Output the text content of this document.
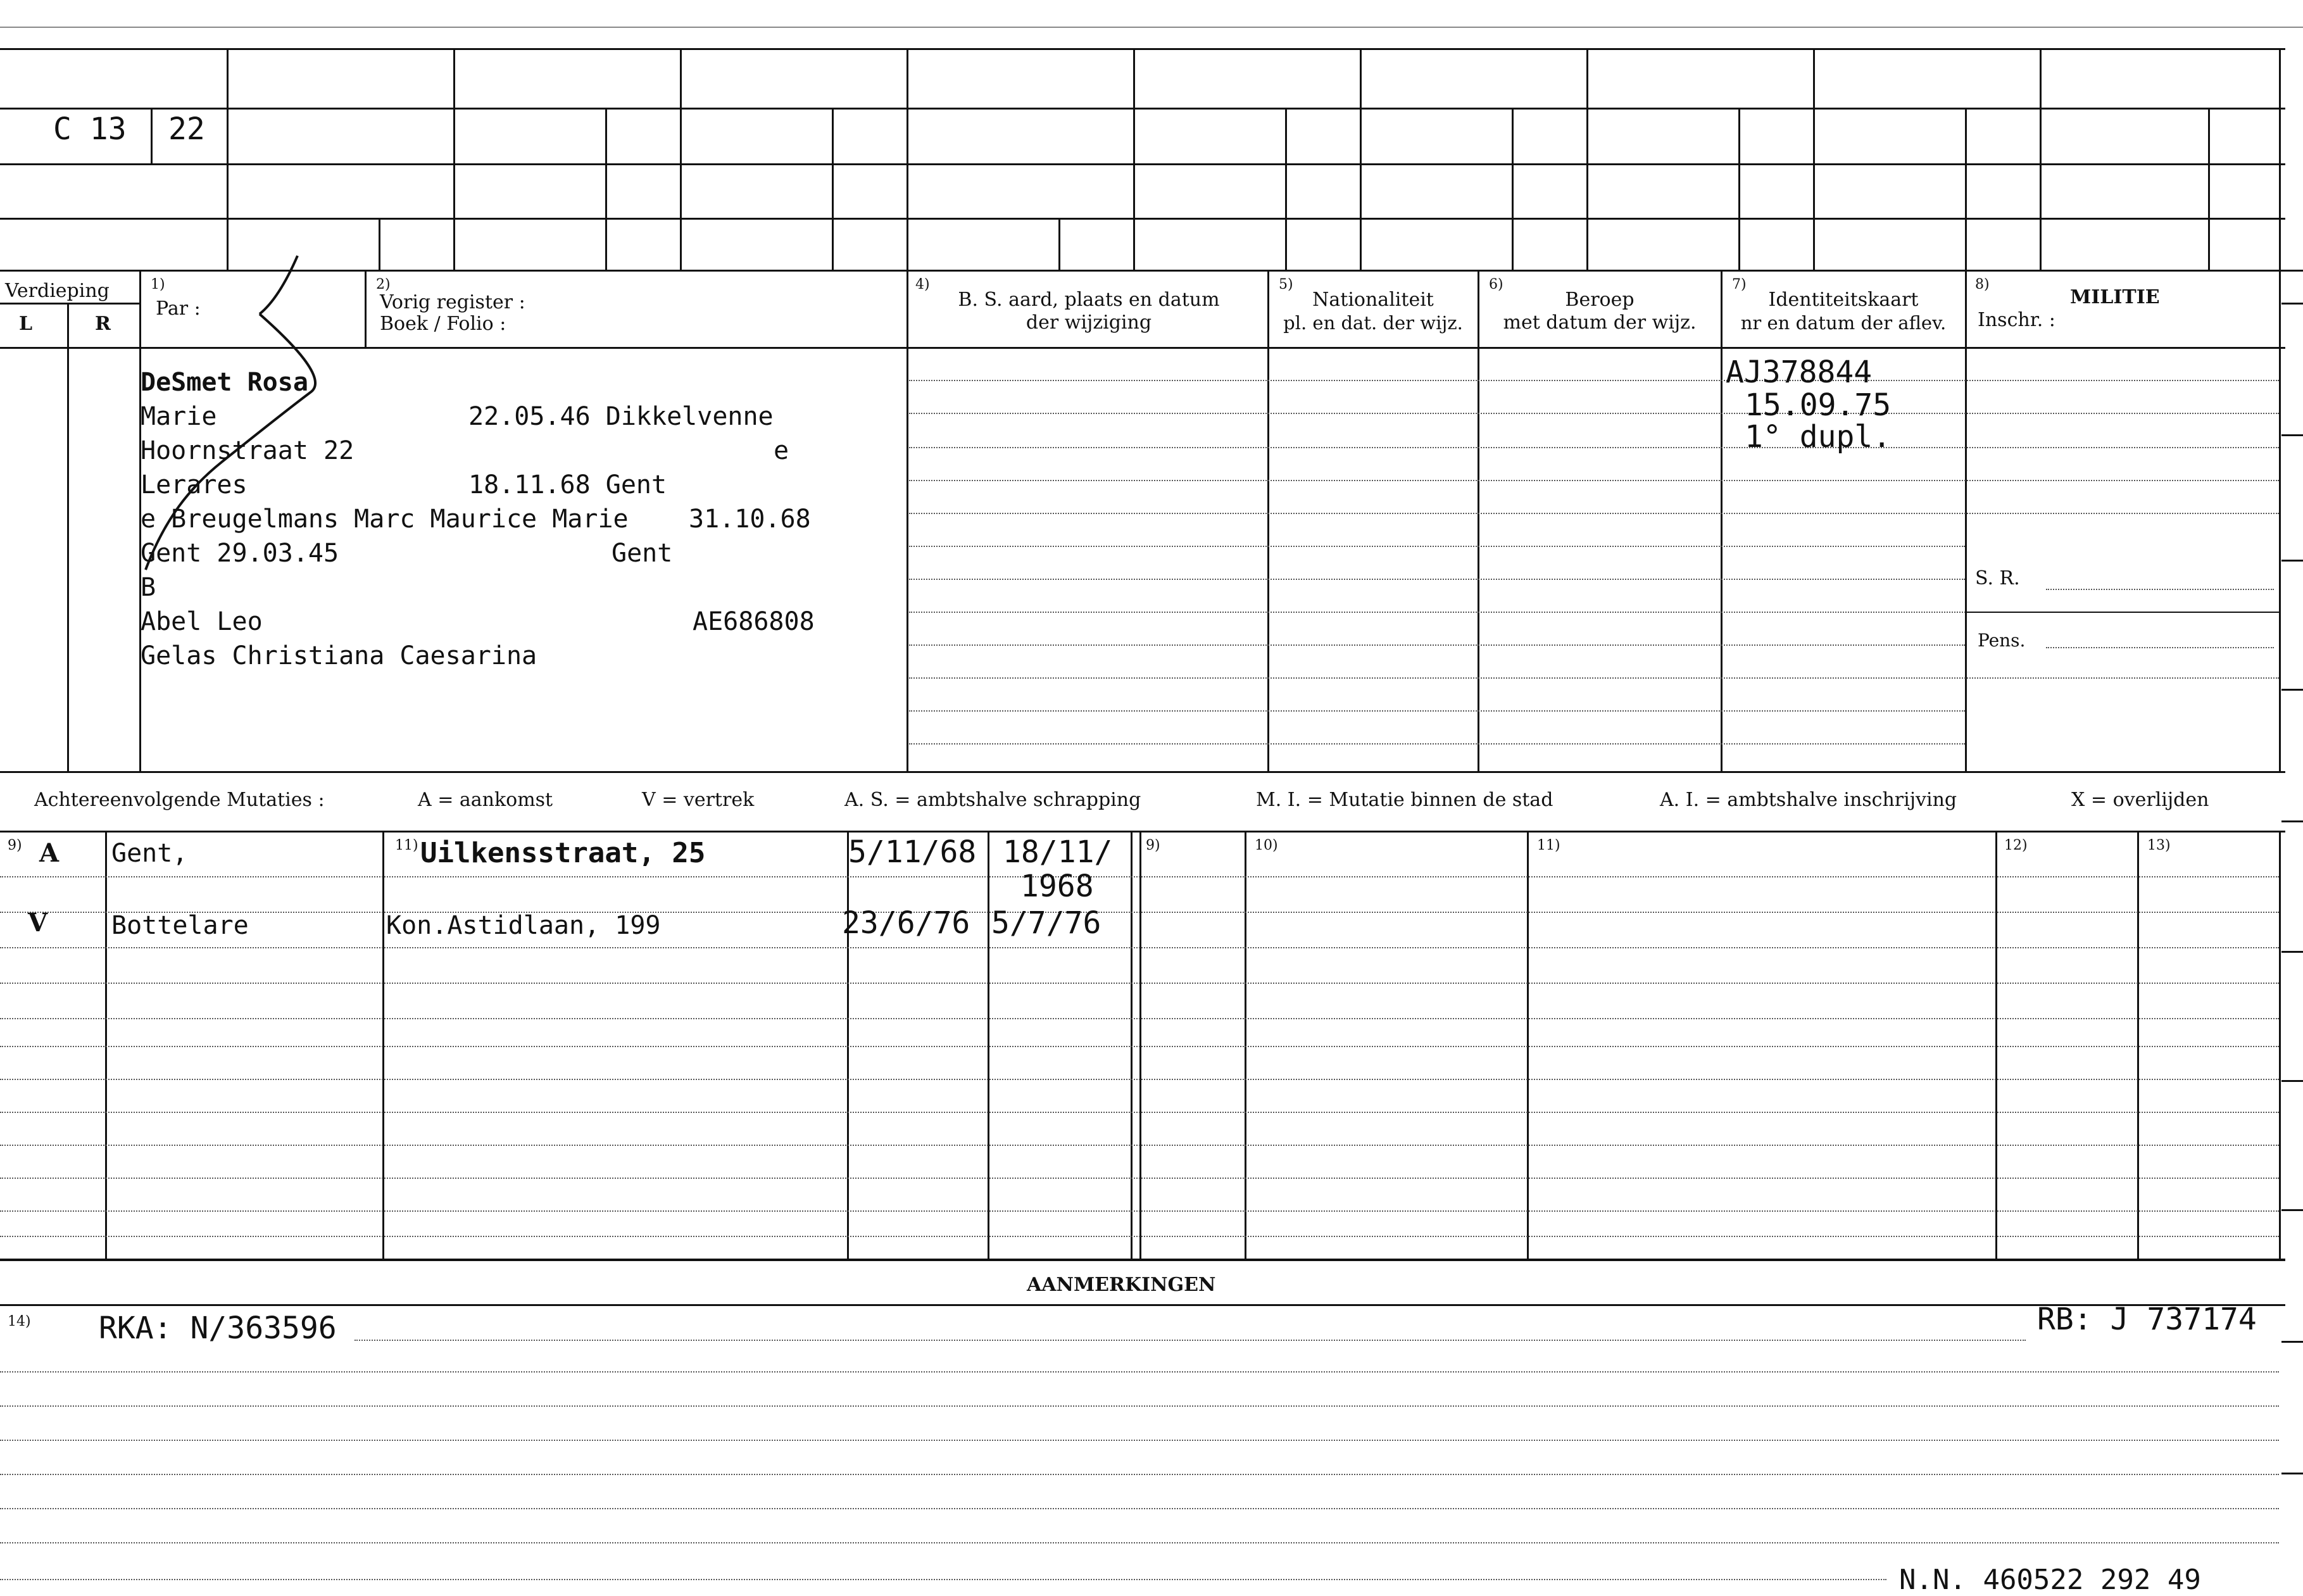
C 13 22
Verdieping
L	R
1)
Par :
2)
Vorig register :
Boek / Folio :
4)
B. S. aard, plaats en datum
der wijziging
5)
Nationaliteit
pl. en dat. der wijz.
6)
Beroep
met datum der wijz.
7)
Identiteitskaart
nr en datum der aflev.
8)
MILITIE
Inschr. :
S. R.
Pens.
DeSmet Rosa
Marie	22.05.46 Dikkelvenne
Hoornstraat 22	e
Lerares	18.11.68 Gent
e Breugelmans Marc Maurice Marie 31.10.68
Gent 29.03.45	Gent
B
Abel Leo	AE686808
Gelas Christiana Caesarina
AJ378844
15.09.75
1° dupl.
Achtereenvolgende Mutaties :	A = aankomst	V = vertrek	A. S. = ambtshalve schrapping	M. I. = Mutatie binnen de stad	A. I. = ambtshalve inschrijving	X = overlijden
9)	11)	9)	10)	11)	12)	13)
A Gent,	Uilkensstraat, 25	5/11/68 18/11/
1968
V	Bottelare	Kon.Astidlaan, 199	23/6/76 5/7/76
AANMERKINGEN
14) RKA: N/363596	RB: J 737174
N.N. 460522 292 49
